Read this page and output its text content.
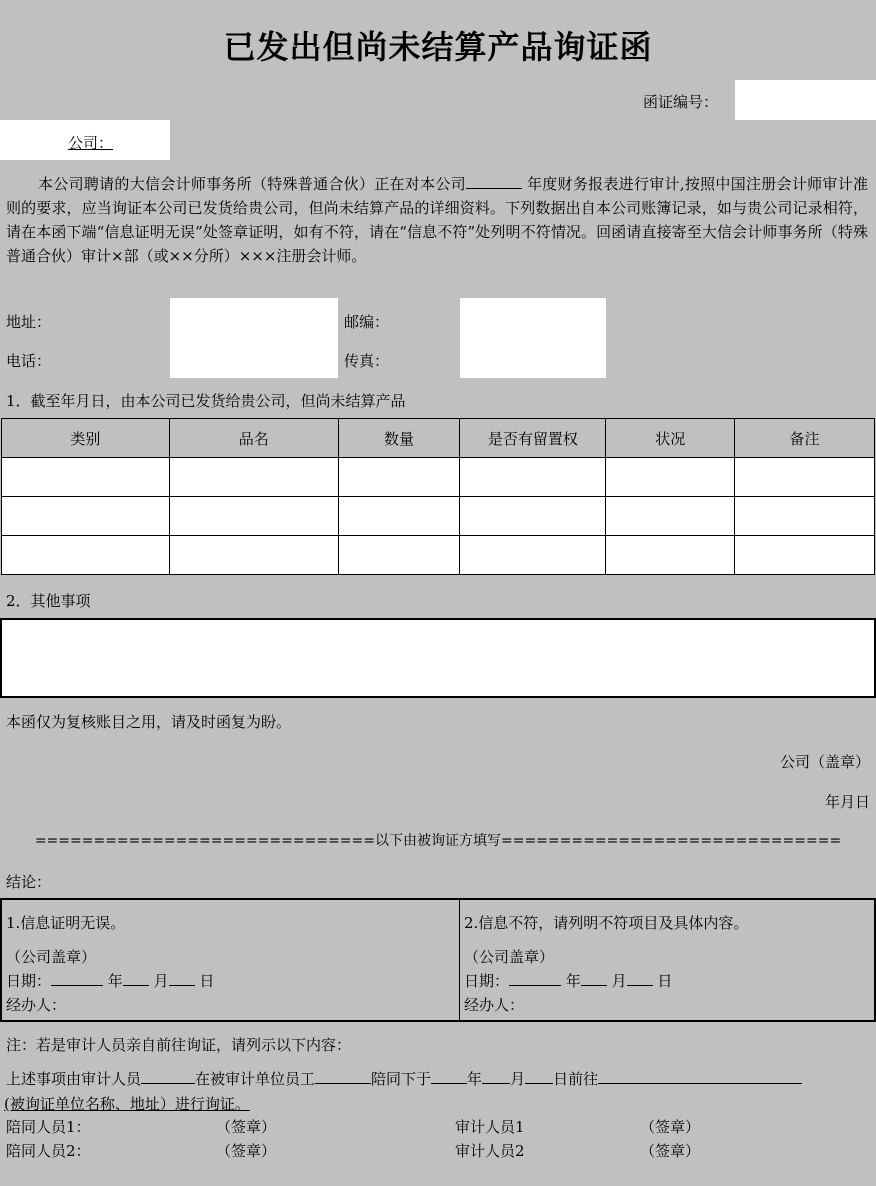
已发出但尚未结算产品询证函
函证编号：
公司：
本公司聘请的大信会计师事务所（特殊普通合伙）正在对本公司	年度财务报表进行审计,按照中国注册会计师审计准则的要求，应当询证本公司已发货给贵公司，但尚未结算产品的详细资料。下列数据出自本公司账簿记录，如与贵公司记录相符，请在本函下端“信息证明无误”处签章证明，如有不符，请在“信息不符”处列明不符情况。回函请直接寄至大信会计师事务所（特殊普通合伙）审计×部（或××分所）×××注册会计师。
地址：	邮编：
电话：	传真：
1．截至年月日，由本公司已发货给贵公司，但尚未结算产品
类别	品名	数量	是否有留置权	状况	备注

2．其他事项
本函仅为复核账目之用，请及时函复为盼。
公司（盖章）
年月日
=============================以下由被询证方填写=============================
结论：
1.信息证明无误。
（公司盖章）
日期：	年 月 日
经办人：
2.信息不符，请列明不符项目及具体内容。
（公司盖章）
日期：	年 月 日
经办人：
注：若是审计人员亲自前往询证，请列示以下内容：
上述事项由审计人员	在被审计单位员工	陪同下于 年 月 日前往
(被询证单位名称、地址）进行询证。
陪同人员1：	（签章）	审计人员1	（签章）
陪同人员2：	（签章）	审计人员2	（签章）
